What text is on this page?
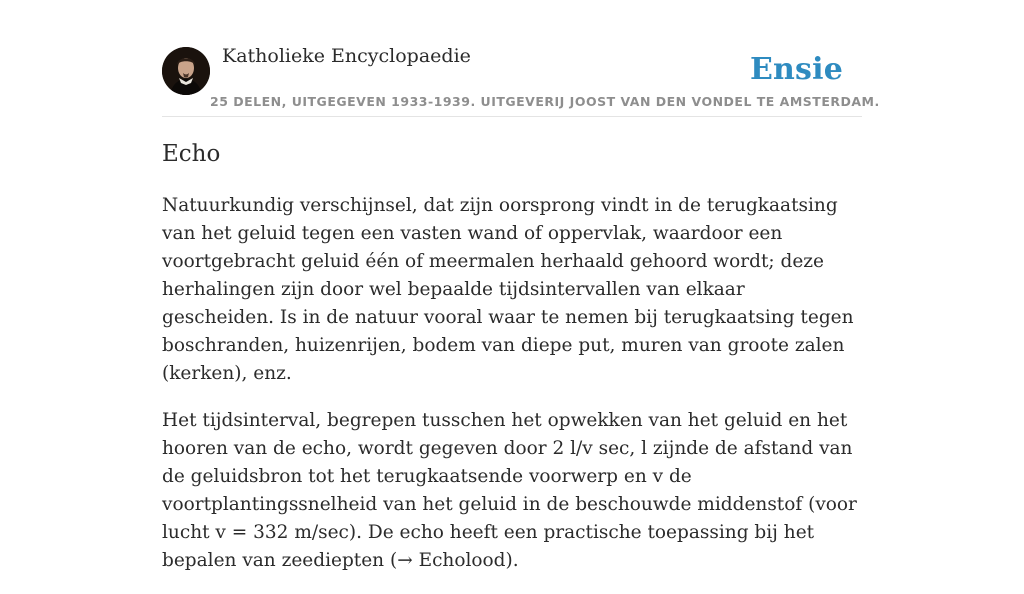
Katholieke Encyclopaedie	Ensie
25 DELEN, UITGEGEVEN 1933-1939. UITGEVERIJ JOOST VAN DEN VONDEL TE AMSTERDAM.
Echo

Natuurkundig verschijnsel, dat zijn oorsprong vindt in de terugkaatsing van het geluid tegen een vasten wand of oppervlak, waardoor een voortgebracht geluid één of meermalen herhaald gehoord wordt; deze herhalingen zijn door wel bepaalde tijdsintervallen van elkaar gescheiden. Is in de natuur vooral waar te nemen bij terugkaatsing tegen boschranden, huizenrijen, bodem van diepe put, muren van groote zalen (kerken), enz.

Het tijdsinterval, begrepen tusschen het opwekken van het geluid en het hooren van de echo, wordt gegeven door 2 l/v sec, l zijnde de afstand van de geluidsbron tot het terugkaatsende voorwerp en v de voortplantingssnelheid van het geluid in de beschouwde middenstof (voor lucht v = 332 m/sec). De echo heeft een practische toepassing bij het bepalen van zeediepten (→ Echolood).
